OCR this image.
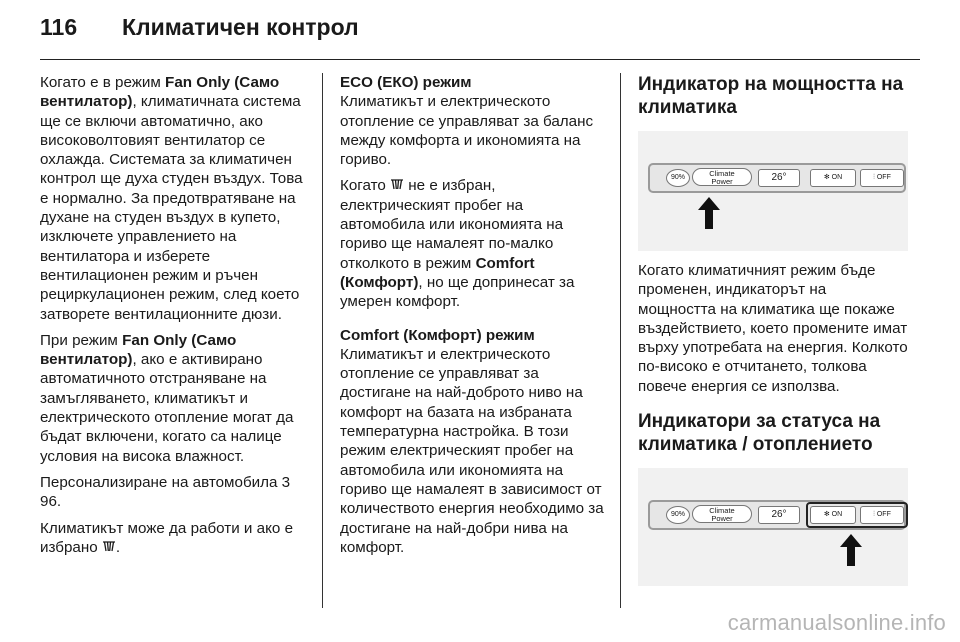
116	Климатичен контрол

Когато е в режим Fan Only (Само вентилатор), климатичната система ще се включи автоматично, ако високоволтовият вентилатор се охлажда. Системата за климатичен контрол ще духа студен въздух. Това е нормално. За предотвратяване на духане на студен въздух в купето, изключете управлението на вентилатора и изберете вентилационен режим и ръчен рециркулационен режим, след което затворете вентилационните дюзи.

При режим Fan Only (Само вентилатор), ако е активирано автоматичното отстраняване на замъгляването, климатикът и електрическото отопление могат да бъдат включени, когато са налице условия на висока влажност.

Персонализиране на автомобила 3 96.

Климатикът може да работи и ако е избрано
.

ECO (ЕКО) режим

Климатикът и електрическото отопление се управляват за баланс между комфорта и икономията на гориво.

Когато
не е избран, електрическият пробег на автомобила или икономията на гориво ще намалеят по-малко отколкото в режим Comfort (Комфорт), но ще допринесат за умерен комфорт.

Comfort (Комфорт) режим

Климатикът и електрическото отопление се управляват за достигане на най-доброто ниво на комфорт на базата на избраната температурна настройка. В този режим електрическият пробег на автомобила или икономията на гориво ще намалеят в зависимост от количеството енергия необходимо за достигане на най-добри нива на комфорт.

Индикатор на мощността на климатика
90%	Climate
Power	26°	✻ ON	⫶ OFF

Когато климатичният режим бъде променен, индикаторът на мощността на климатика ще покаже въздействието, което промените имат върху употребата на енергия. Колкото по-високо е отчитането, толкова повече енергия се използва.

Индикатори за статуса на климатика / отоплението
90%	Climate
Power	26°	✻ ON	⫶ OFF
carmanualsonline.info
